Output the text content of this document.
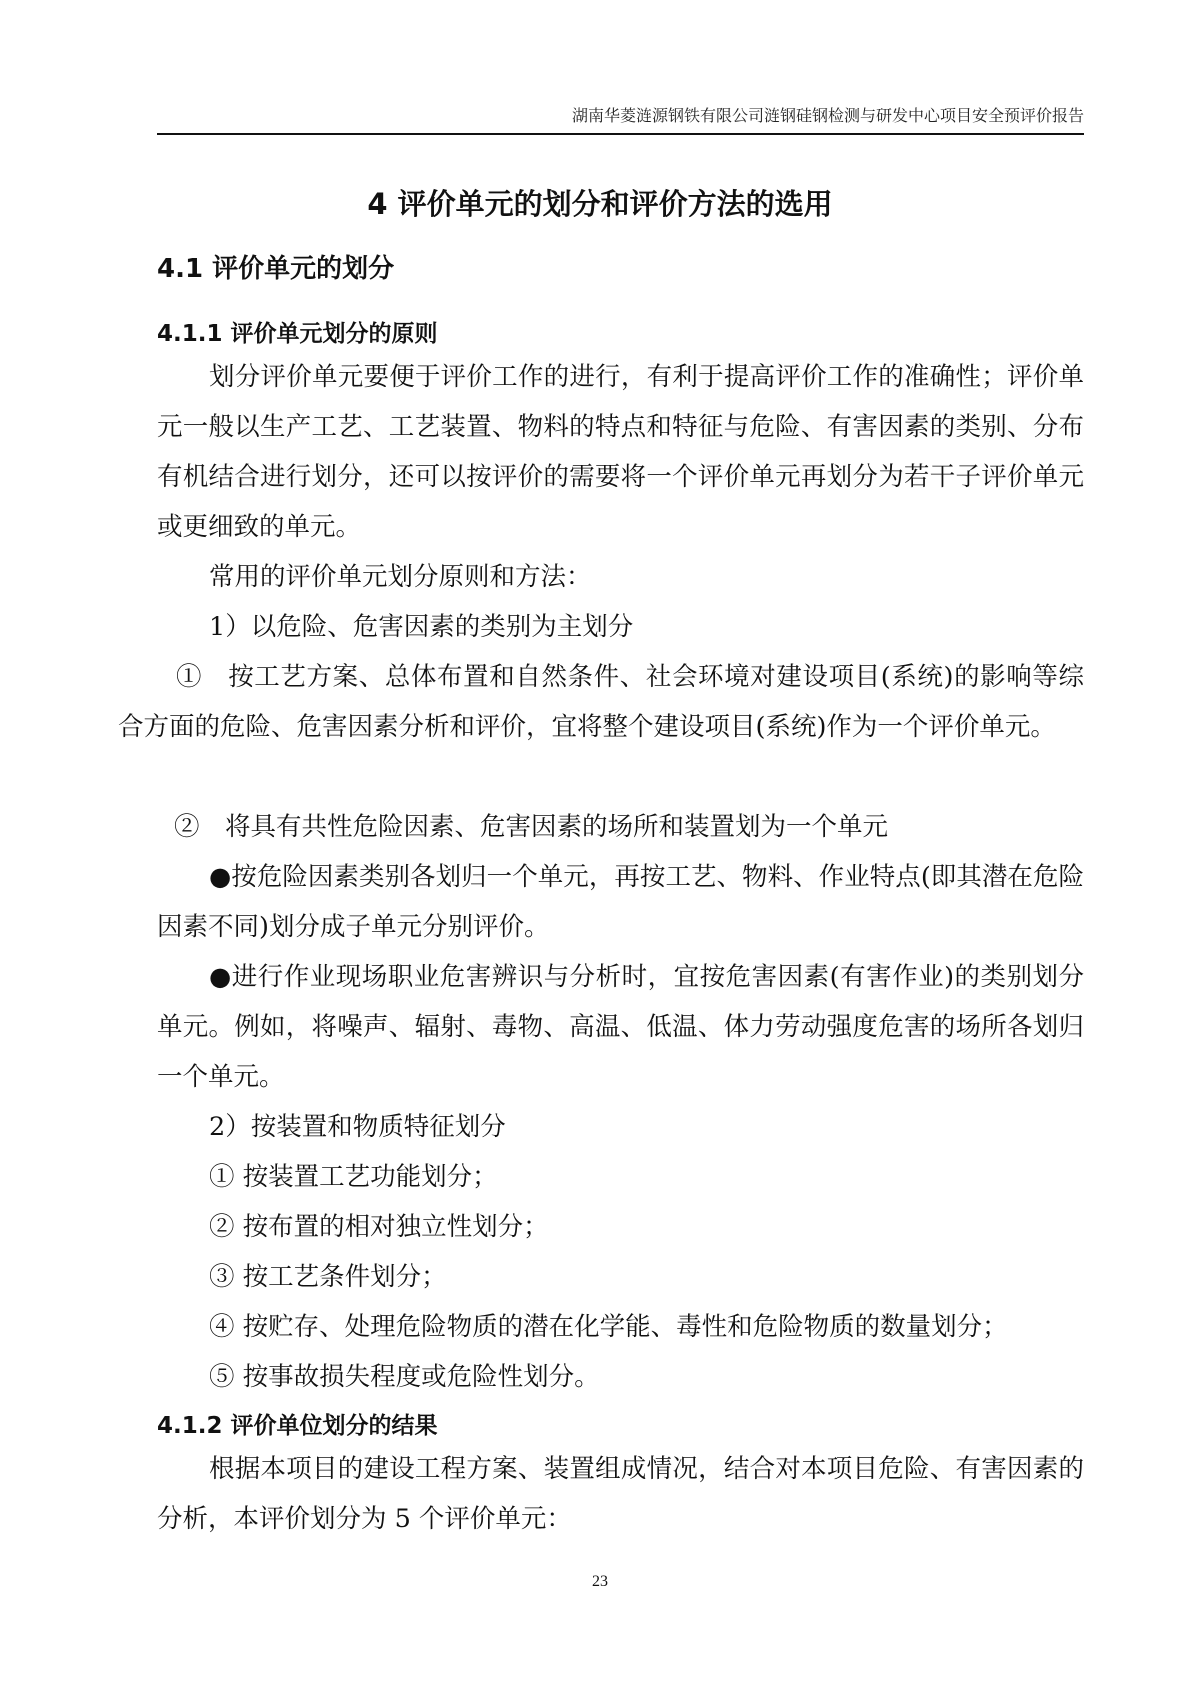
湖南华菱涟源钢铁有限公司涟钢硅钢检测与研发中心项目安全预评价报告
4 评价单元的划分和评价方法的选用
4.1 评价单元的划分
4.1.1 评价单元划分的原则

划分评价单元要便于评价工作的进行，有利于提高评价工作的准确性；评价单元一般以生产工艺、工艺装置、物料的特点和特征与危险、有害因素的类别、分布有机结合进行划分，还可以按评价的需要将一个评价单元再划分为若干子评价单元或更细致的单元。

常用的评价单元划分原则和方法：
1）以危险、危害因素的类别为主划分

①　按工艺方案、总体布置和自然条件、社会环境对建设项目(系统)的影响等综合方面的危险、危害因素分析和评价，宜将整个建设项目(系统)作为一个评价单元。

②　将具有共性危险因素、危害因素的场所和装置划为一个单元

●按危险因素类别各划归一个单元，再按工艺、物料、作业特点(即其潜在危险因素不同)划分成子单元分别评价。

●进行作业现场职业危害辨识与分析时，宜按危害因素(有害作业)的类别划分单元。例如，将噪声、辐射、毒物、高温、低温、体力劳动强度危害的场所各划归一个单元。

2）按装置和物质特征划分
① 按装置工艺功能划分；
② 按布置的相对独立性划分；
③ 按工艺条件划分；
④ 按贮存、处理危险物质的潜在化学能、毒性和危险物质的数量划分；
⑤ 按事故损失程度或危险性划分。
4.1.2 评价单位划分的结果

根据本项目的建设工程方案、装置组成情况，结合对本项目危险、有害因素的分析，本评价划分为 5 个评价单元：

23
